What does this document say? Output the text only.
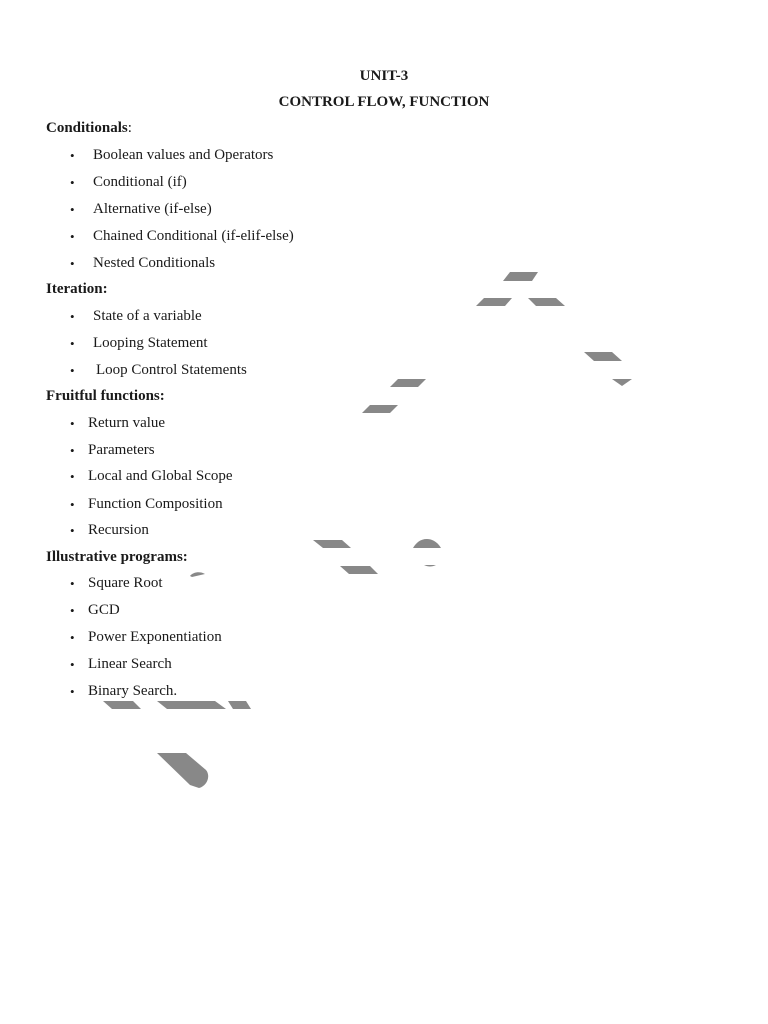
UNIT-3
CONTROL FLOW, FUNCTION
Conditionals:
• Boolean values and Operators
• Conditional (if)
• Alternative (if-else)
• Chained Conditional (if-elif-else)
• Nested Conditionals
Iteration:
• State of a variable
• Looping Statement
• Loop Control Statements
Fruitful functions:
• Return value
• Parameters
• Local and Global Scope
• Function Composition
• Recursion
Illustrative programs:
• Square Root
• GCD
• Power Exponentiation
• Linear Search
• Binary Search.
